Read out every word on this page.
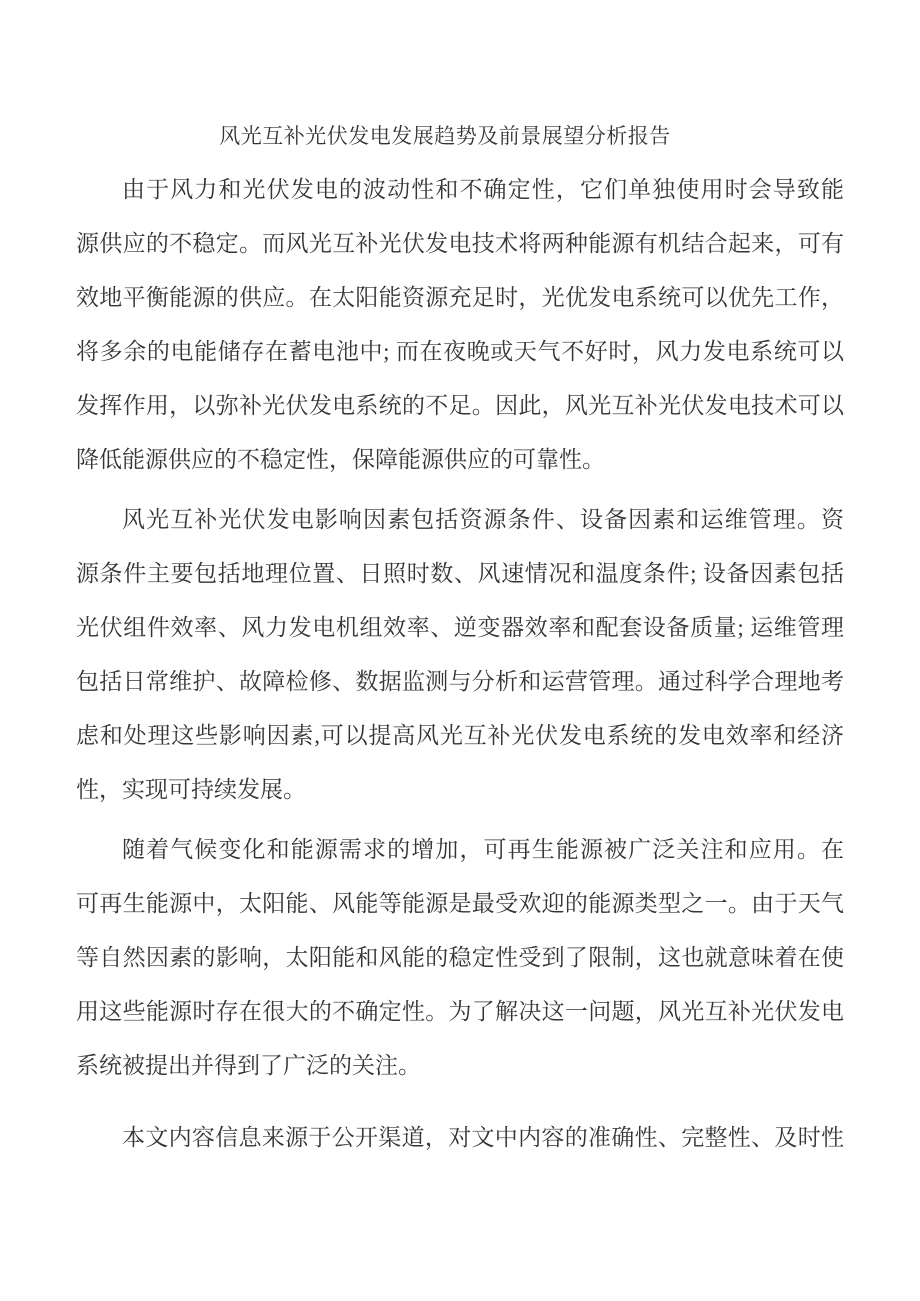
风光互补光伏发电发展趋势及前景展望分析报告
由于风力和光伏发电的波动性和不确定性，它们单独使用时会导致能
源供应的不稳定。而风光互补光伏发电技术将两种能源有机结合起来，可有
效地平衡能源的供应。在太阳能资源充足时，光优发电系统可以优先工作，
将多余的电能储存在蓄电池中; 而在夜晚或天气不好时，风力发电系统可以
发挥作用，以弥补光伏发电系统的不足。因此，风光互补光伏发电技术可以
降低能源供应的不稳定性，保障能源供应的可靠性。
风光互补光伏发电影响因素包括资源条件、设备因素和运维管理。资
源条件主要包括地理位置、日照时数、风速情况和温度条件; 设备因素包括
光伏组件效率、风力发电机组效率、逆变器效率和配套设备质量; 运维管理
包括日常维护、故障检修、数据监测与分析和运营管理。通过科学合理地考
虑和处理这些影响因素,可以提高风光互补光伏发电系统的发电效率和经济
性，实现可持续发展。
随着气候变化和能源需求的增加，可再生能源被广泛关注和应用。在
可再生能源中，太阳能、风能等能源是最受欢迎的能源类型之一。由于天气
等自然因素的影响，太阳能和风能的稳定性受到了限制，这也就意味着在使
用这些能源时存在很大的不确定性。为了解决这一问题，风光互补光伏发电
系统被提出并得到了广泛的关注。
本文内容信息来源于公开渠道，对文中内容的准确性、完整性、及时性
